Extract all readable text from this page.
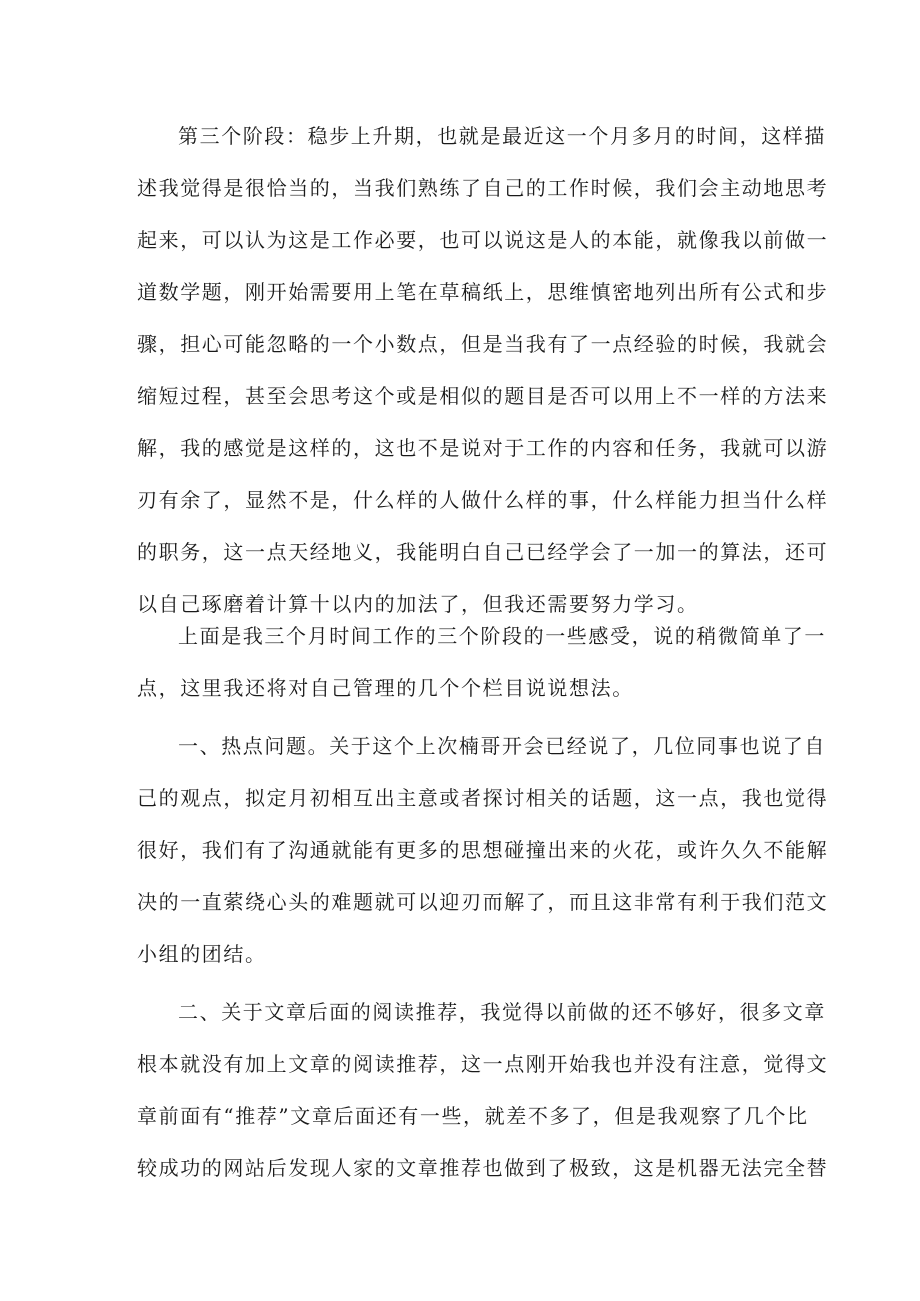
第三个阶段：稳步上升期，也就是最近这一个月多月的时间，这样描
述我觉得是很恰当的，当我们熟练了自己的工作时候，我们会主动地思考
起来，可以认为这是工作必要，也可以说这是人的本能，就像我以前做一
道数学题，刚开始需要用上笔在草稿纸上，思维慎密地列出所有公式和步
骤，担心可能忽略的一个小数点，但是当我有了一点经验的时候，我就会
缩短过程，甚至会思考这个或是相似的题目是否可以用上不一样的方法来
解，我的感觉是这样的，这也不是说对于工作的内容和任务，我就可以游
刃有余了，显然不是，什么样的人做什么样的事，什么样能力担当什么样
的职务，这一点天经地义，我能明白自己已经学会了一加一的算法，还可
以自己琢磨着计算十以内的加法了，但我还需要努力学习。
上面是我三个月时间工作的三个阶段的一些感受，说的稍微简单了一
点，这里我还将对自己管理的几个个栏目说说想法。
一、热点问题。关于这个上次楠哥开会已经说了，几位同事也说了自
己的观点，拟定月初相互出主意或者探讨相关的话题，这一点，我也觉得
很好，我们有了沟通就能有更多的思想碰撞出来的火花，或许久久不能解
决的一直萦绕心头的难题就可以迎刃而解了，而且这非常有利于我们范文
小组的团结。
二、关于文章后面的阅读推荐，我觉得以前做的还不够好，很多文章
根本就没有加上文章的阅读推荐，这一点刚开始我也并没有注意，觉得文
章前面有“推荐”文章后面还有一些，就差不多了，但是我观察了几个比
较成功的网站后发现人家的文章推荐也做到了极致，这是机器无法完全替
